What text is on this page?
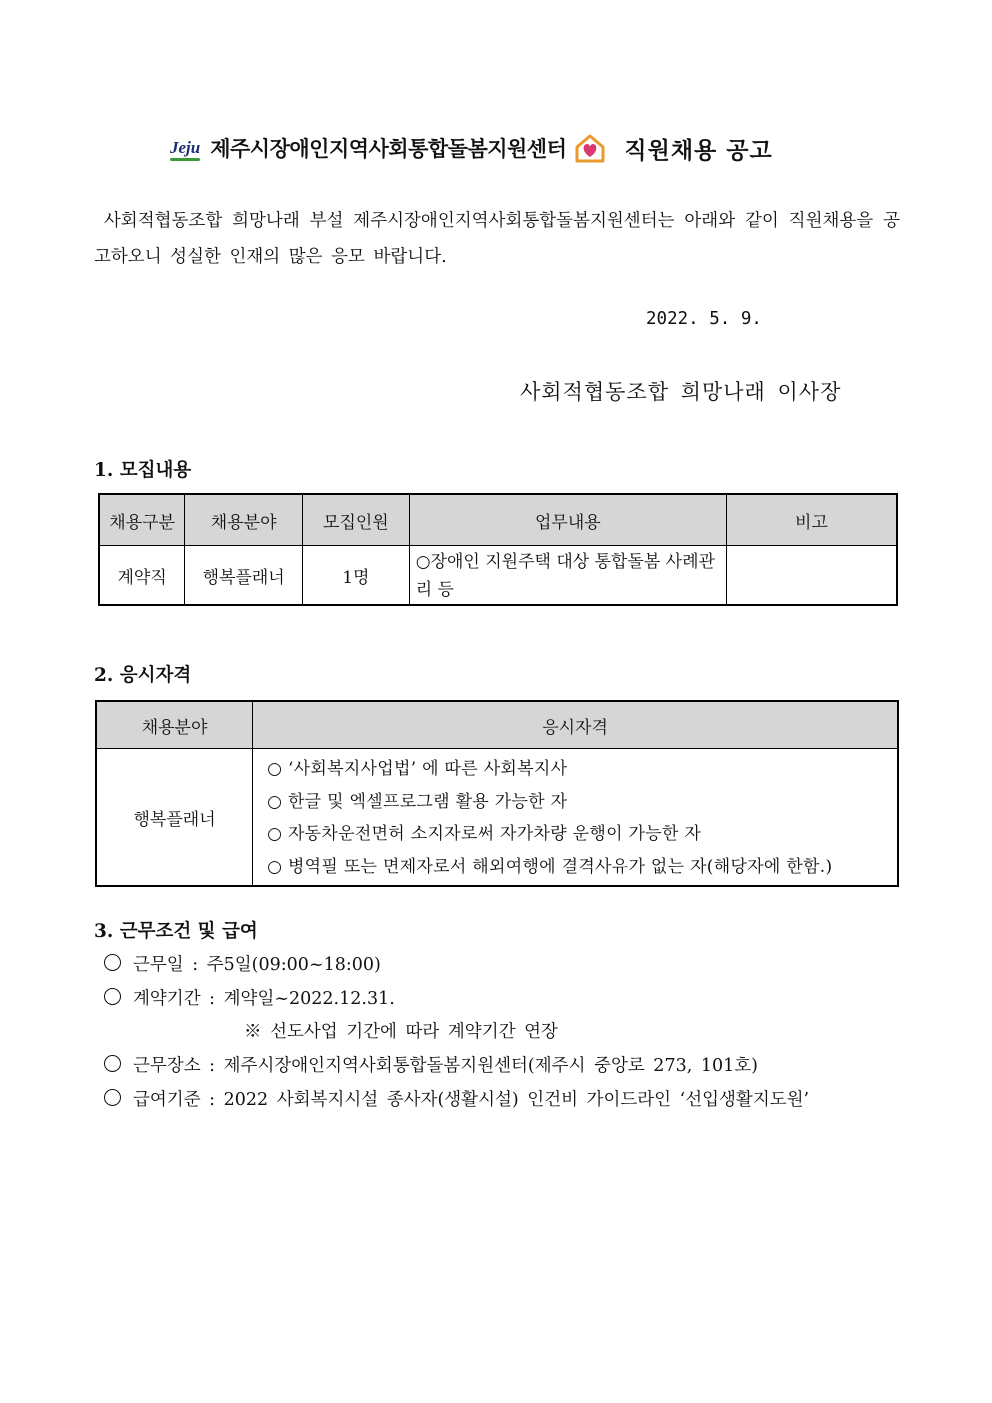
Jeju 제주시장애인지역사회통합돌봄지원센터	직원채용 공고
사회적협동조합 희망나래 부설 제주시장애인지역사회통합돌봄지원센터는 아래와 같이 직원채용을 공고하오니 성실한 인재의 많은 응모 바랍니다.
2022. 5. 9.
사회적협동조합 희망나래 이사장
1. 모집내용
채용구분	채용분야	모집인원	업무내용	비고
계약직	행복플래너	1명	○장애인 지원주택 대상 통합돌봄 사례관리 등	
2. 응시자격
채용분야	응시자격
행복플래너	○ ‘사회복지사업법’ 에 따른 사회복지사
○ 한글 및 엑셀프로그램 활용 가능한 자
○ 자동차운전면허 소지자로써 자가차량 운행이 가능한 자
○ 병역필 또는 면제자로서 해외여행에 결격사유가 없는 자(해당자에 한함.)
3. 근무조건 및 급여
근무일 : 주5일(09:00~18:00)
계약기간 : 계약일~2022.12.31.
※ 선도사업 기간에 따라 계약기간 연장
근무장소 : 제주시장애인지역사회통합돌봄지원센터(제주시 중앙로 273, 101호)
급여기준 : 2022 사회복지시설 종사자(생활시설) 인건비 가이드라인 ‘선입생활지도원’
